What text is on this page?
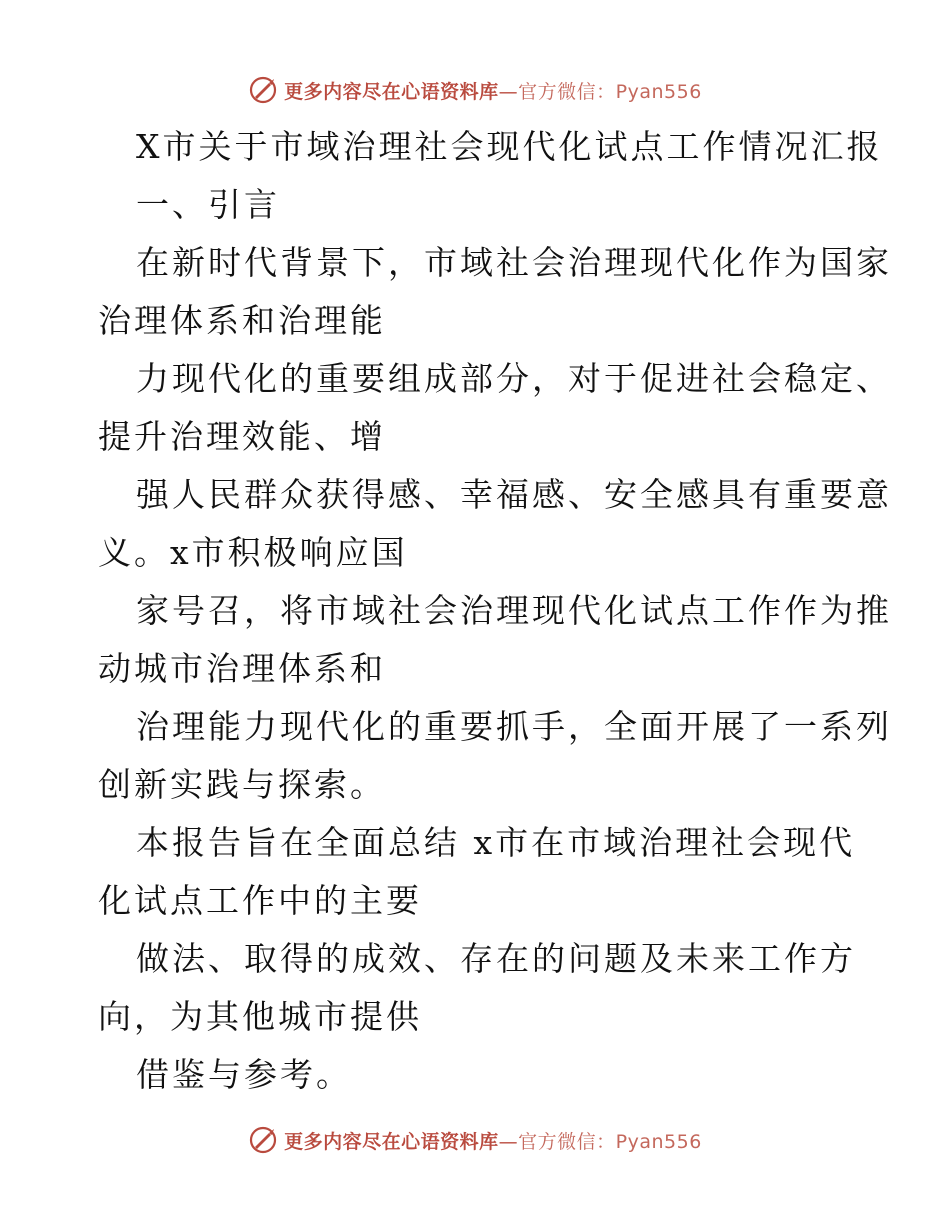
更多内容尽在心语资料库—官方微信：Pyan556
X市关于市域治理社会现代化试点工作情况汇报
一、引言
在新时代背景下，市域社会治理现代化作为国家
治理体系和治理能
力现代化的重要组成部分，对于促进社会稳定、
提升治理效能、增
强人民群众获得感、幸福感、安全感具有重要意
义。x市积极响应国
家号召，将市域社会治理现代化试点工作作为推
动城市治理体系和
治理能力现代化的重要抓手，全面开展了一系列
创新实践与探索。
本报告旨在全面总结 x市在市域治理社会现代
化试点工作中的主要
做法、取得的成效、存在的问题及未来工作方
向，为其他城市提供
借鉴与参考。
更多内容尽在心语资料库—官方微信：Pyan556
